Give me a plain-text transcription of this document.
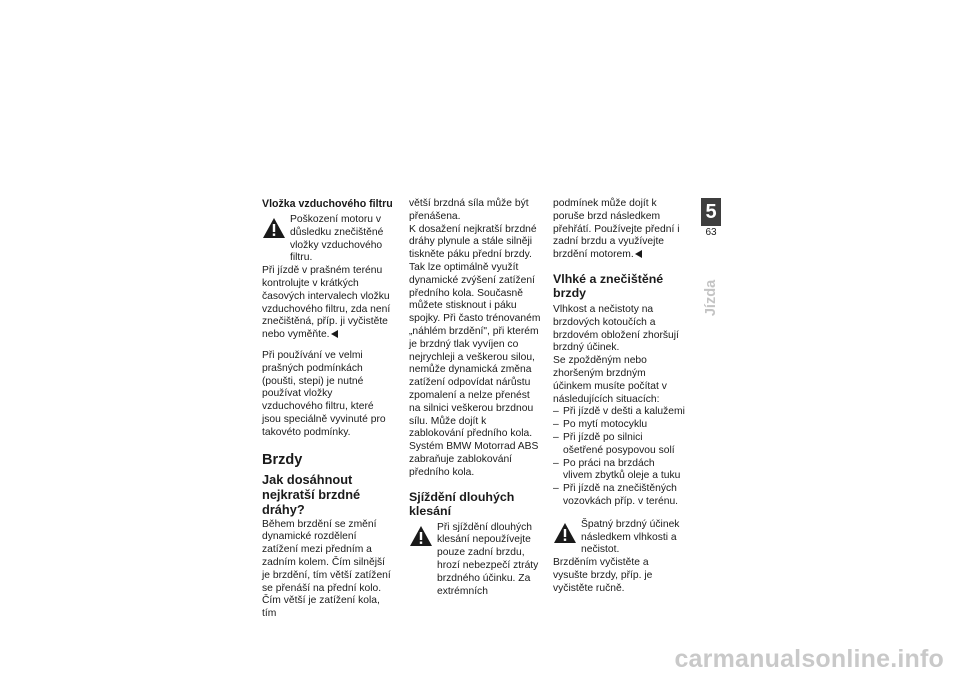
Vložka vzduchového filtru
Poškození motoru v důsledku znečištěné vložky vzduchového filtru.

Při jízdě v prašném terénu kontrolujte v krátkých časových intervalech vložku vzduchového filtru, zda není znečištěná, příp. ji vyčistěte nebo vyměňte.

Při používání ve velmi prašných podmínkách (poušti, stepi) je nutné používat vložky vzduchového filtru, které jsou speciálně vyvinuté pro takovéto podmínky.

Brzdy
Jak dosáhnout nejkratší brzdné dráhy?

Během brzdění se změní dynamické rozdělení zatížení mezi předním a zadním kolem. Čím silnější je brzdění, tím větší zatížení se přenáší na přední kolo. Čím větší je zatížení kola, tím

větší brzdná síla může být přenášena.

K dosažení nejkratší brzdné dráhy plynule a stále silněji tiskněte páku přední brzdy. Tak lze optimálně využít dynamické zvýšení zatížení předního kola. Současně můžete stisknout i páku spojky. Při často trénovaném „náhlém brzdění", při kterém je brzdný tlak vyvíjen co nejrychleji a veškerou silou, nemůže dynamická změna zatížení odpovídat nárůstu zpomalení a nelze přenést na silnici veškerou brzdnou sílu. Může dojít k zablokování předního kola.

Systém BMW Motorrad ABS zabraňuje zablokování předního kola.

Sjíždění dlouhých klesání
Při sjíždění dlouhých klesání nepoužívejte pouze zadní brzdu, hrozí nebezpečí ztráty brzdného účinku. Za extrémních

podmínek může dojít k poruše brzd následkem přehřátí. Používejte přední i zadní brzdu a využívejte brzdění motorem.

Vlhké a znečištěné brzdy

Vlhkost a nečistoty na brzdových kotoučích a brzdovém obložení zhoršují brzdný účinek.

Se zpožděným nebo zhoršeným brzdným účinkem musíte počítat v následujících situacích:

– Při jízdě v dešti a kalužemi
– Po mytí motocyklu
– Při jízdě po silnici ošetřené posypovou solí
– Po práci na brzdách vlivem zbytků oleje a tuku
– Při jízdě na znečištěných vozovkách příp. v terénu.
Špatný brzdný účinek následkem vlhkosti a nečistot.

Brzděním vyčistěte a vysušte brzdy, příp. je vyčistěte ručně.

5
63
Jízda
carmanualsonline.info
